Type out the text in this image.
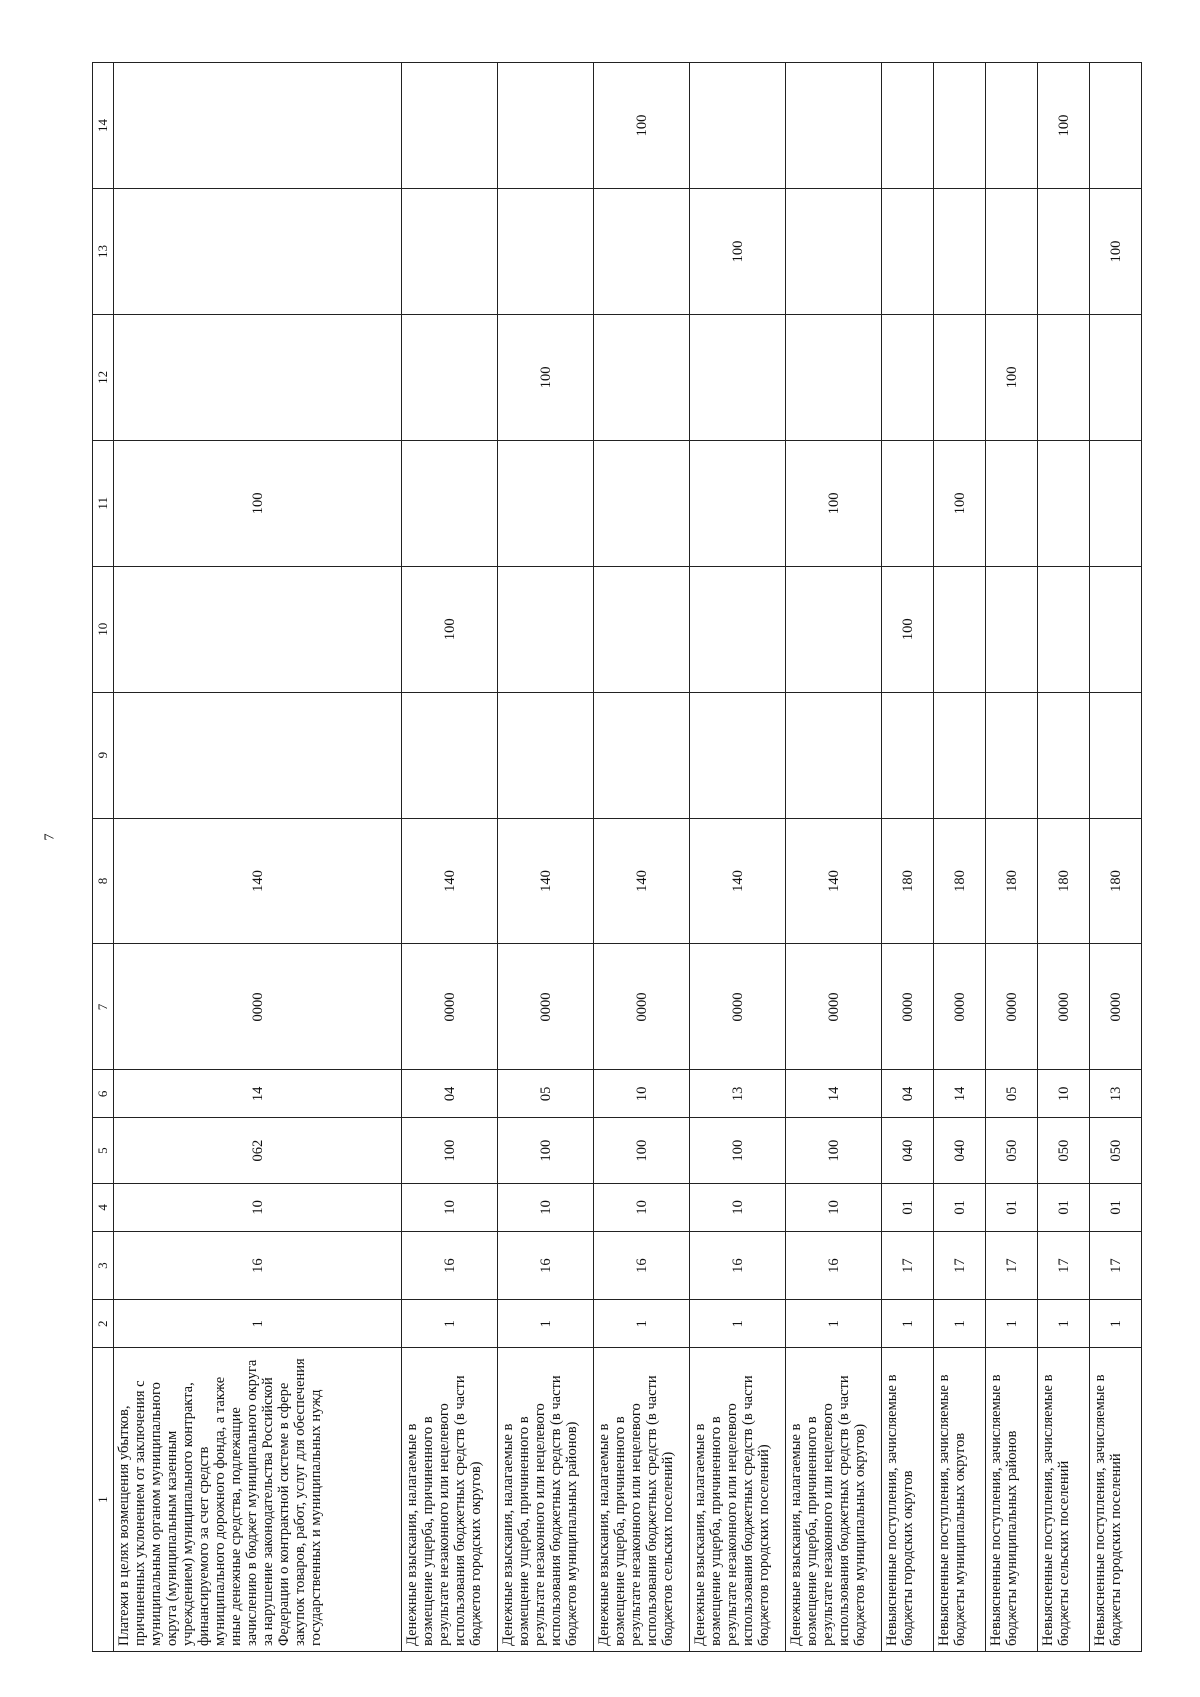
7
1	2	3	4	5	6	7	8	9	10	11	12	13	14
Платежи в целях возмещения убытков, причиненных уклонением от заключения с муниципальным органом муниципального округа (муниципальным казенным учреждением) муниципального контракта, финансируемого за счет средств муниципального дорожного фонда, а также иные денежные средства, подлежащие зачислению в бюджет муниципального округа за нарушение законодательства Российской Федерации о контрактной системе в сфере закупок товаров, работ, услуг для обеспечения государственных и муниципальных нужд	1	16	10	062	14	0000	140			100			
Денежные взыскания, налагаемые в возмещение ущерба, причиненного в результате незаконного или нецелевого использования бюджетных средств (в части бюджетов городских округов)	1	16	10	100	04	0000	140		100				
Денежные взыскания, налагаемые в возмещение ущерба, причиненного в результате незаконного или нецелевого использования бюджетных средств (в части бюджетов муниципальных районов)	1	16	10	100	05	0000	140				100		
Денежные взыскания, налагаемые в возмещение ущерба, причиненного в результате незаконного или нецелевого использования бюджетных средств (в части бюджетов сельских поселений)	1	16	10	100	10	0000	140						100
Денежные взыскания, налагаемые в возмещение ущерба, причиненного в результате незаконного или нецелевого использования бюджетных средств (в части бюджетов городских поселений)	1	16	10	100	13	0000	140					100	
Денежные взыскания, налагаемые в возмещение ущерба, причиненного в результате незаконного или нецелевого использования бюджетных средств (в части бюджетов муниципальных округов)	1	16	10	100	14	0000	140			100			
Невыясненные поступления, зачисляемые в бюджеты городских округов	1	17	01	040	04	0000	180		100				
Невыясненные поступления, зачисляемые в бюджеты муниципальных округов	1	17	01	040	14	0000	180			100			
Невыясненные поступления, зачисляемые в бюджеты муниципальных районов	1	17	01	050	05	0000	180				100		
Невыясненные поступления, зачисляемые в бюджеты сельских поселений	1	17	01	050	10	0000	180						100
Невыясненные поступления, зачисляемые в бюджеты городских поселений	1	17	01	050	13	0000	180					100	
